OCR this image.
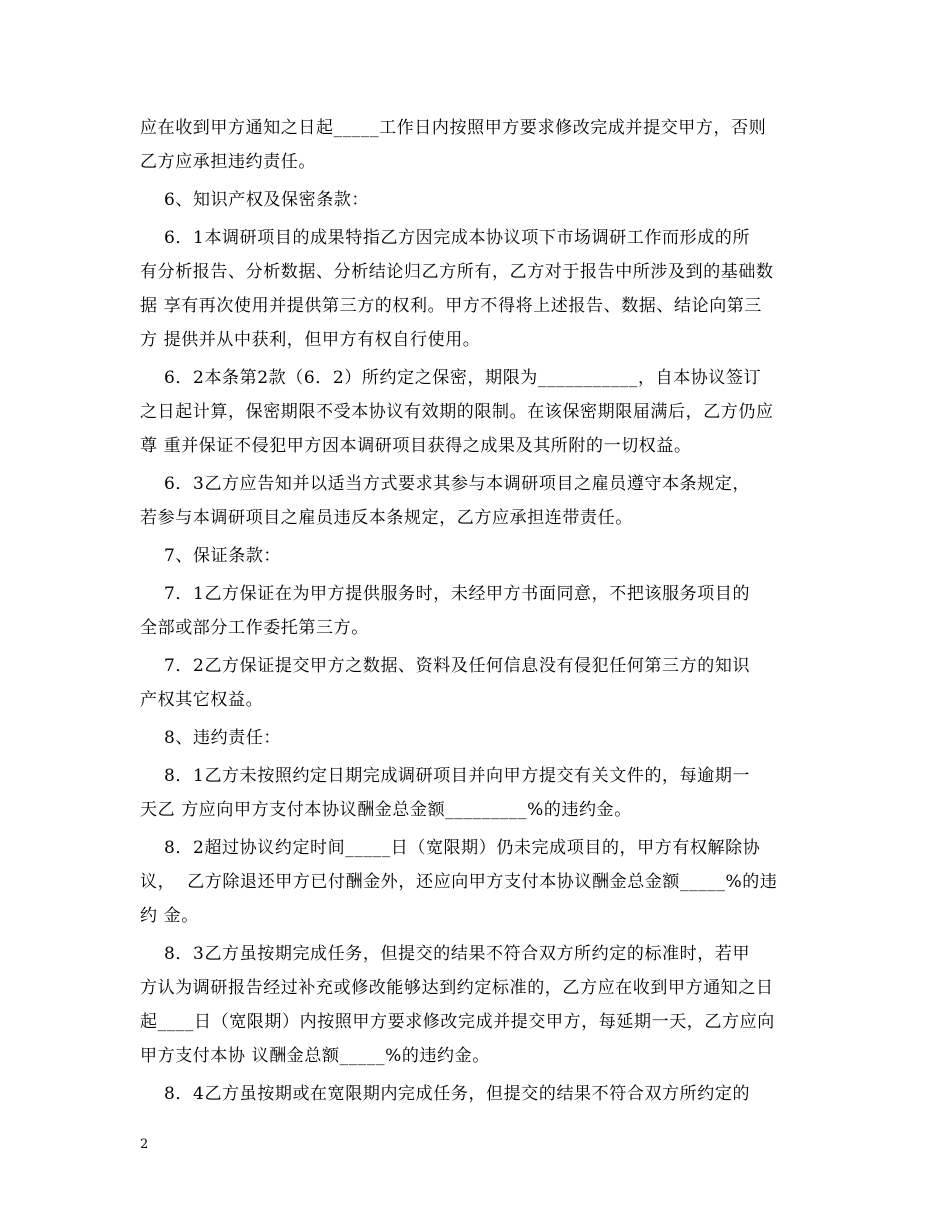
应在收到甲方通知之日起_____工作日内按照甲方要求修改完成并提交甲方，否则
乙方应承担违约责任。
6、知识产权及保密条款：
6．1本调研项目的成果特指乙方因完成本协议项下市场调研工作而形成的所
有分析报告、分析数据、分析结论归乙方所有，乙方对于报告中所涉及到的基础数
据 享有再次使用并提供第三方的权利。甲方不得将上述报告、数据、结论向第三
方 提供并从中获利，但甲方有权自行使用。
6．2本条第2款（6．2）所约定之保密，期限为___________，自本协议签订
之日起计算，保密期限不受本协议有效期的限制。在该保密期限届满后，乙方仍应
尊 重并保证不侵犯甲方因本调研项目获得之成果及其所附的一切权益。
6．3乙方应告知并以适当方式要求其参与本调研项目之雇员遵守本条规定，
若参与本调研项目之雇员违反本条规定，乙方应承担连带责任。
7、保证条款：
7．1乙方保证在为甲方提供服务时，未经甲方书面同意，不把该服务项目的
全部或部分工作委托第三方。
7．2乙方保证提交甲方之数据、资料及任何信息没有侵犯任何第三方的知识
产权其它权益。
8、违约责任：
8．1乙方未按照约定日期完成调研项目并向甲方提交有关文件的，每逾期一
天乙 方应向甲方支付本协议酬金总金额_________%的违约金。
8．2超过协议约定时间_____日（宽限期）仍未完成项目的，甲方有权解除协
议，  乙方除退还甲方已付酬金外，还应向甲方支付本协议酬金总金额_____%的违
约 金。
8．3乙方虽按期完成任务，但提交的结果不符合双方所约定的标准时，若甲
方认为调研报告经过补充或修改能够达到约定标准的，乙方应在收到甲方通知之日
起____日（宽限期）内按照甲方要求修改完成并提交甲方，每延期一天，乙方应向
甲方支付本协 议酬金总额_____%的违约金。
8．4乙方虽按期或在宽限期内完成任务，但提交的结果不符合双方所约定的
2
